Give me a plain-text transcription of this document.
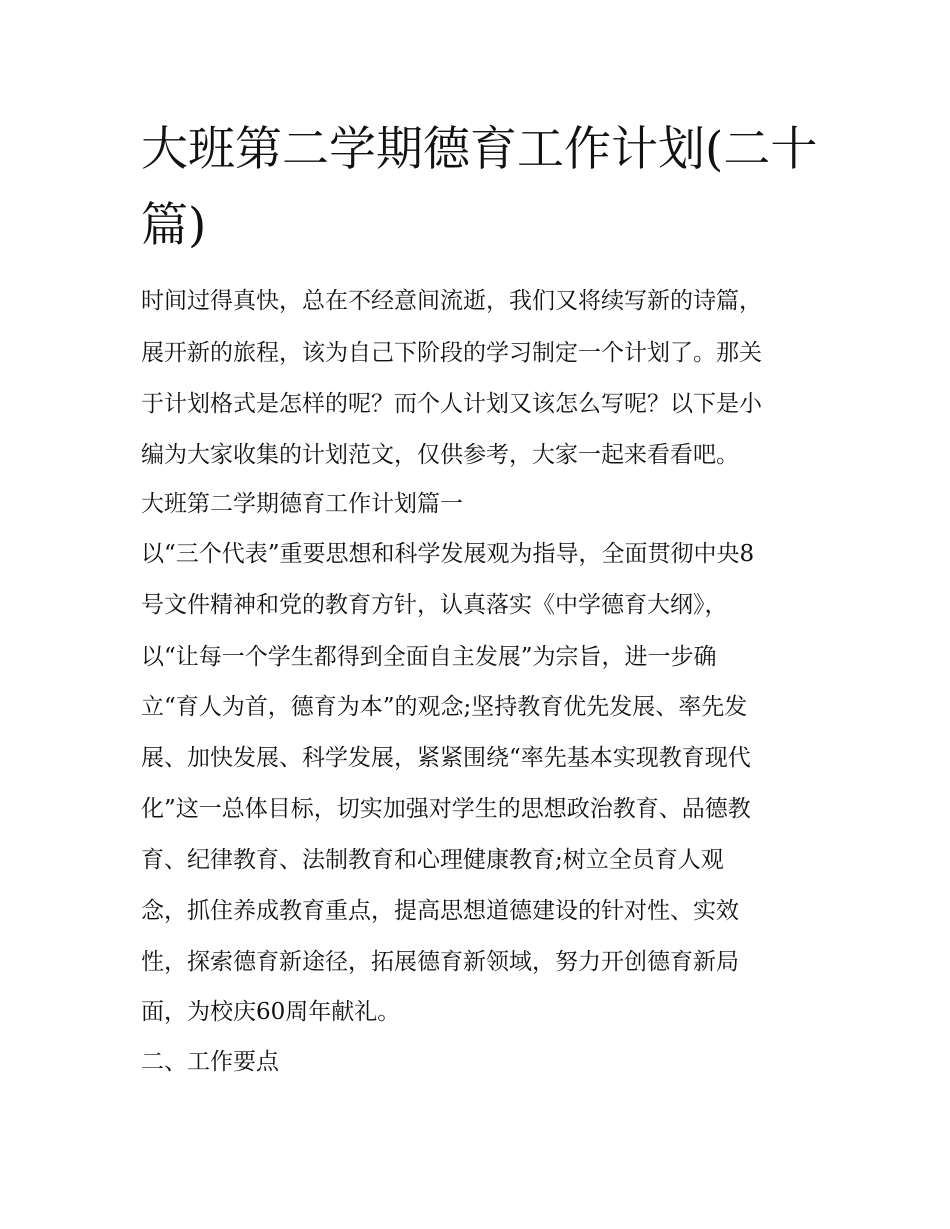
大班第二学期德育工作计划(二十篇)

时间过得真快，总在不经意间流逝，我们又将续写新的诗篇，

展开新的旅程，该为自己下阶段的学习制定一个计划了。那关

于计划格式是怎样的呢？而个人计划又该怎么写呢？以下是小

编为大家收集的计划范文，仅供参考，大家一起来看看吧。

大班第二学期德育工作计划篇一

以“三个代表”重要思想和科学发展观为指导，全面贯彻中央8

号文件精神和党的教育方针，认真落实《中学德育大纲》，

以“让每一个学生都得到全面自主发展”为宗旨，进一步确

立“育人为首，德育为本”的观念;坚持教育优先发展、率先发

展、加快发展、科学发展，紧紧围绕“率先基本实现教育现代

化”这一总体目标，切实加强对学生的思想政治教育、品德教

育、纪律教育、法制教育和心理健康教育;树立全员育人观

念，抓住养成教育重点，提高思想道德建设的针对性、实效

性，探索德育新途径，拓展德育新领域，努力开创德育新局

面，为校庆60周年献礼。

二、工作要点
